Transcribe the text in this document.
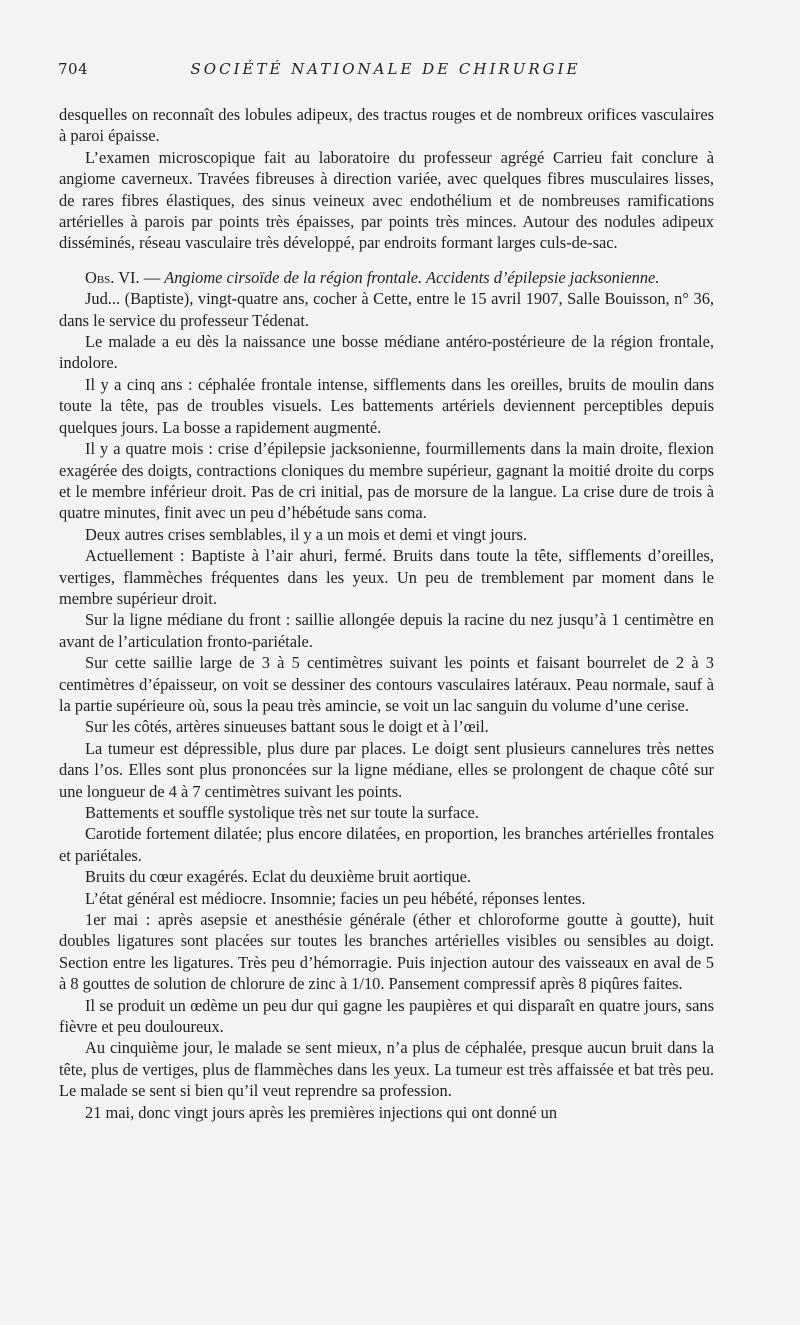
704	SOCIÉTÉ NATIONALE DE CHIRURGIE

desquelles on reconnaît des lobules adipeux, des tractus rouges et de nombreux orifices vasculaires à paroi épaisse.

L’examen microscopique fait au laboratoire du professeur agrégé Carrieu fait conclure à angiome caverneux. Travées fibreuses à direction variée, avec quelques fibres musculaires lisses, de rares fibres élastiques, des sinus veineux avec endothélium et de nombreuses ramifications artérielles à parois par points très épaisses, par points très minces. Autour des nodules adipeux disséminés, réseau vasculaire très développé, par endroits formant larges culs-de-sac.

Obs. VI. — Angiome cirsoïde de la région frontale. Accidents d’épilepsie jacksonienne.

Jud... (Baptiste), vingt-quatre ans, cocher à Cette, entre le 15 avril 1907, Salle Bouisson, n° 36, dans le service du professeur Tédenat.

Le malade a eu dès la naissance une bosse médiane antéro-postérieure de la région frontale, indolore.

Il y a cinq ans : céphalée frontale intense, sifflements dans les oreilles, bruits de moulin dans toute la tête, pas de troubles visuels. Les battements artériels deviennent perceptibles depuis quelques jours. La bosse a rapidement augmenté.

Il y a quatre mois : crise d’épilepsie jacksonienne, fourmillements dans la main droite, flexion exagérée des doigts, contractions cloniques du membre supérieur, gagnant la moitié droite du corps et le membre inférieur droit. Pas de cri initial, pas de morsure de la langue. La crise dure de trois à quatre minutes, finit avec un peu d’hébétude sans coma.

Deux autres crises semblables, il y a un mois et demi et vingt jours.

Actuellement : Baptiste à l’air ahuri, fermé. Bruits dans toute la tête, sifflements d’oreilles, vertiges, flammèches fréquentes dans les yeux. Un peu de tremblement par moment dans le membre supérieur droit.

Sur la ligne médiane du front : saillie allongée depuis la racine du nez jusqu’à 1 centimètre en avant de l’articulation fronto-pariétale.

Sur cette saillie large de 3 à 5 centimètres suivant les points et faisant bourrelet de 2 à 3 centimètres d’épaisseur, on voit se dessiner des contours vasculaires latéraux. Peau normale, sauf à la partie supérieure où, sous la peau très amincie, se voit un lac sanguin du volume d’une cerise.

Sur les côtés, artères sinueuses battant sous le doigt et à l’œil.

La tumeur est dépressible, plus dure par places. Le doigt sent plusieurs cannelures très nettes dans l’os. Elles sont plus prononcées sur la ligne médiane, elles se prolongent de chaque côté sur une longueur de 4 à 7 centimètres suivant les points.

Battements et souffle systolique très net sur toute la surface.

Carotide fortement dilatée; plus encore dilatées, en proportion, les branches artérielles frontales et pariétales.

Bruits du cœur exagérés. Eclat du deuxième bruit aortique.

L’état général est médiocre. Insomnie; facies un peu hébété, réponses lentes.

1er mai : après asepsie et anesthésie générale (éther et chloroforme goutte à goutte), huit doubles ligatures sont placées sur toutes les branches artérielles visibles ou sensibles au doigt. Section entre les ligatures. Très peu d’hémorragie. Puis injection autour des vaisseaux en aval de 5 à 8 gouttes de solution de chlorure de zinc à 1/10. Pansement compressif après 8 piqûres faites.

Il se produit un œdème un peu dur qui gagne les paupières et qui disparaît en quatre jours, sans fièvre et peu douloureux.

Au cinquième jour, le malade se sent mieux, n’a plus de céphalée, presque aucun bruit dans la tête, plus de vertiges, plus de flammèches dans les yeux. La tumeur est très affaissée et bat très peu. Le malade se sent si bien qu’il veut reprendre sa profession.

21 mai, donc vingt jours après les premières injections qui ont donné un
